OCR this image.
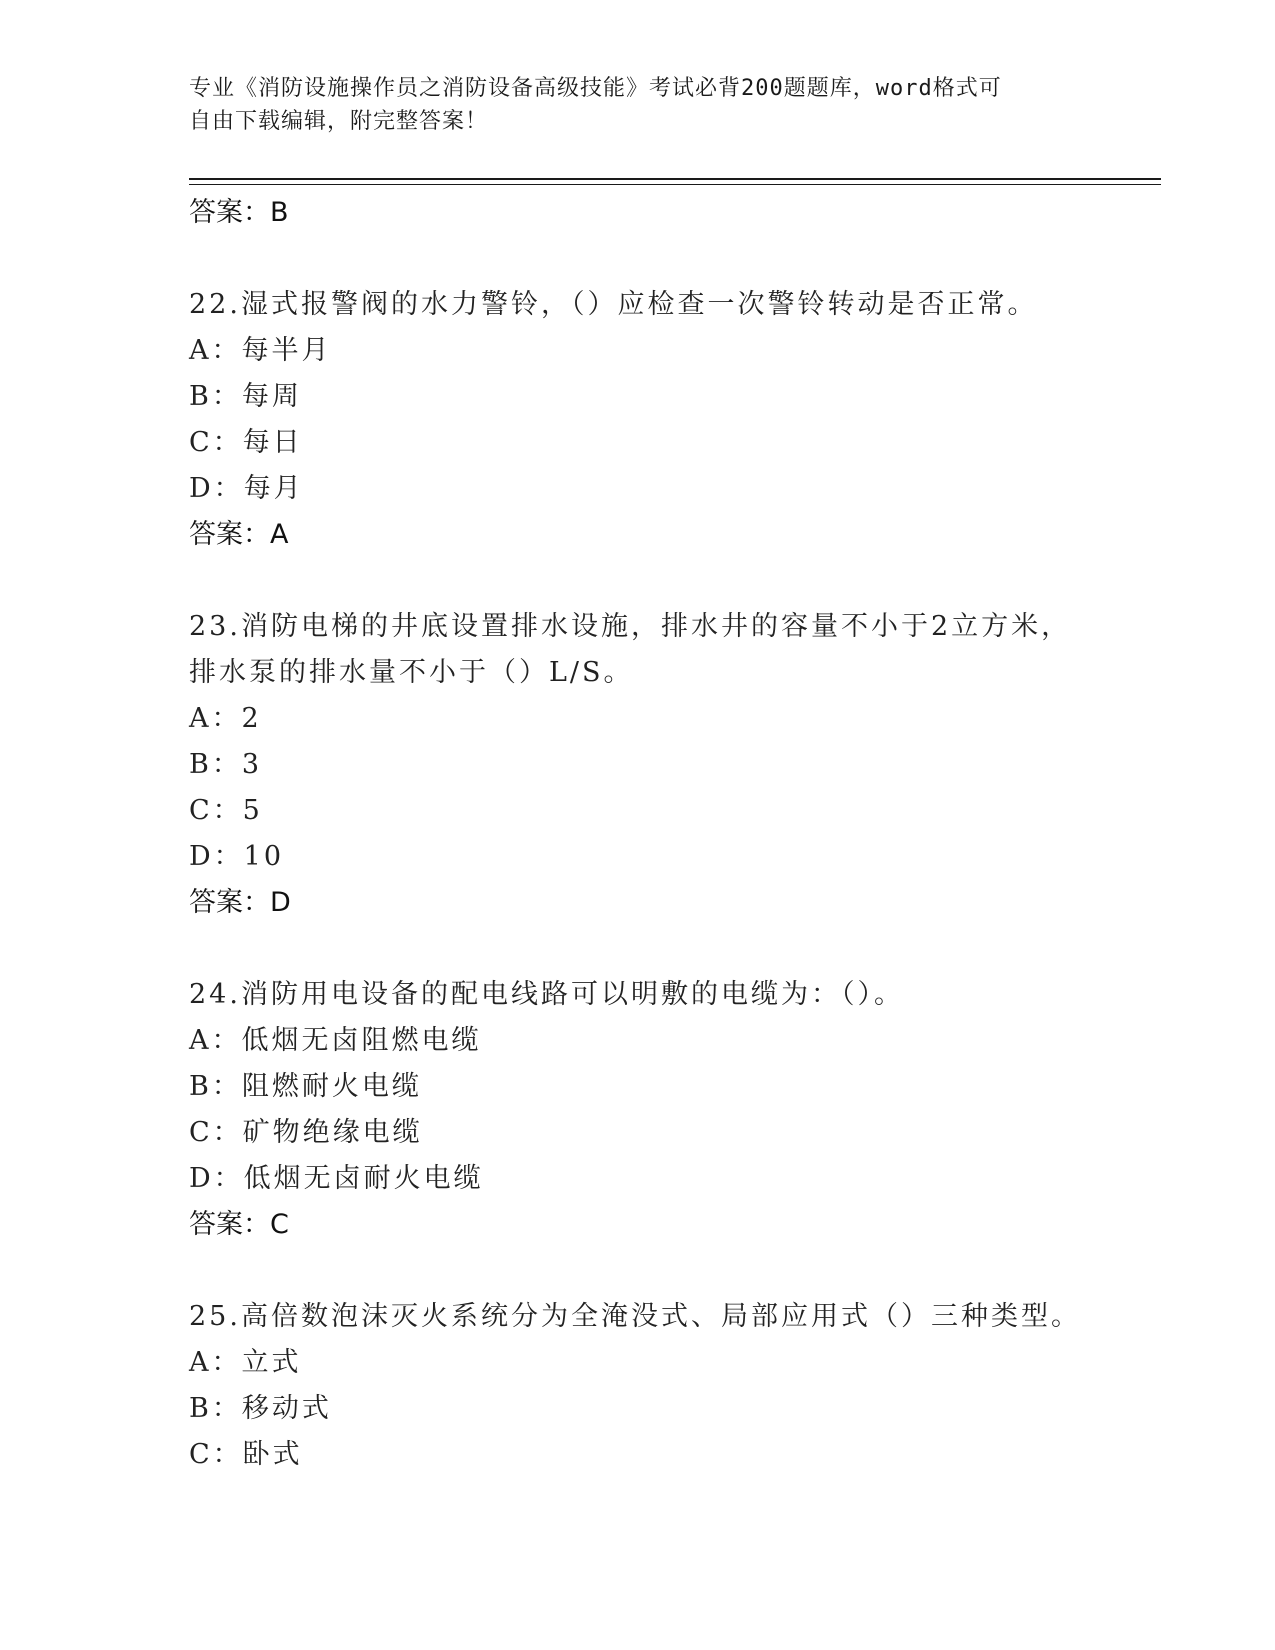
专业《消防设施操作员之消防设备高级技能》考试必背200题题库，word格式可
自由下载编辑，附完整答案！
答案：B
22.湿式报警阀的水力警铃，（）应检查一次警铃转动是否正常。
A：每半月
B：每周
C：每日
D：每月
答案：A
23.消防电梯的井底设置排水设施，排水井的容量不小于2立方米，排水泵的排水量不小于（）L/S。
A：2
B：3
C：5
D：10
答案：D
24.消防用电设备的配电线路可以明敷的电缆为：（）。
A：低烟无卤阻燃电缆
B：阻燃耐火电缆
C：矿物绝缘电缆
D：低烟无卤耐火电缆
答案：C
25.高倍数泡沫灭火系统分为全淹没式、局部应用式（）三种类型。
A：立式
B：移动式
C：卧式
